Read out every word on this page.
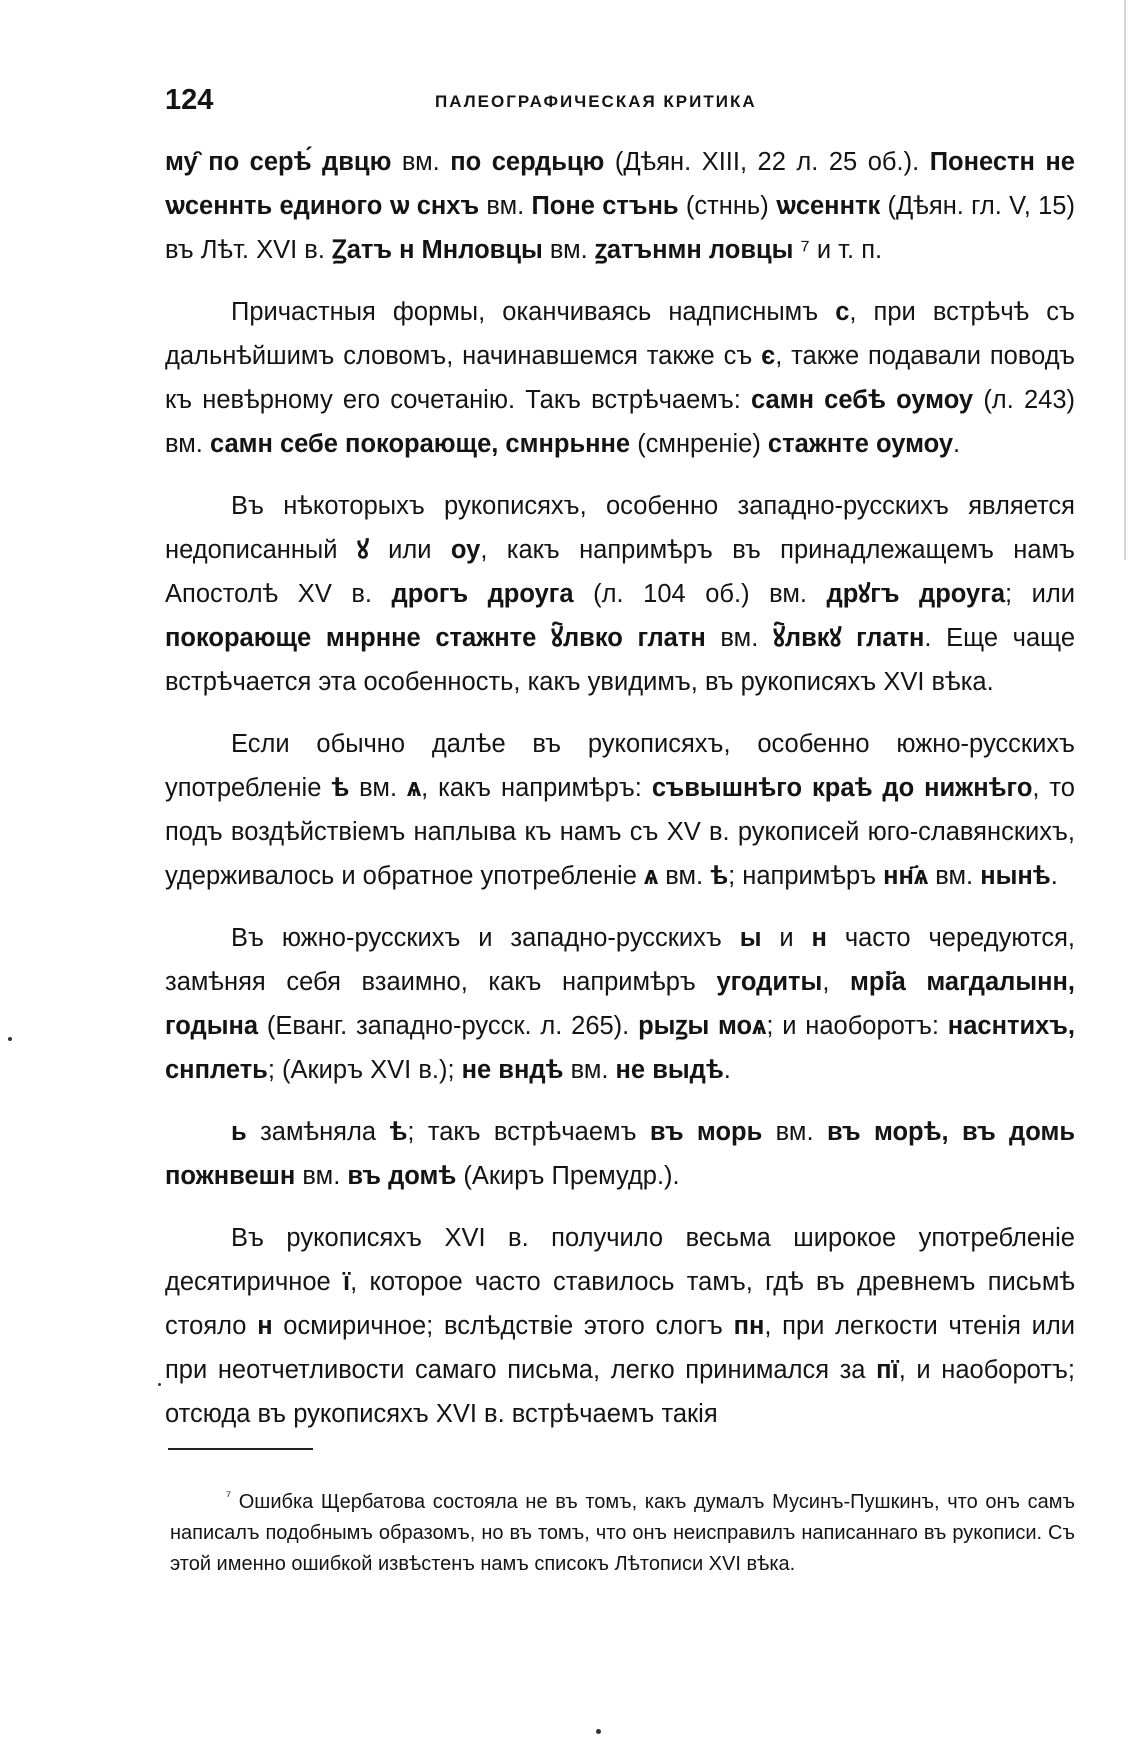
124	ПАЛЕОГРАФИЧЕСКАЯ КРИТИКА

му̑ по серѣ́ двцю вм. по сердьцю (Дѣян. XIII, 22 л. 25 об.). Понестн не ѡсеннть единого ѡ снхъ вм. Поне стънь (стннь) ѡсеннтк (Дѣян. гл. V, 15) въ Лѣт. XVI в. Ꙁатъ н Мнловцы вм. ꙁатънмн ловцы ⁷ и т. п.

Причастныя формы, оканчиваясь надписнымъ с, при встрѣчѣ съ дальнѣйшимъ словомъ, начинавшемся также съ є, также подавали поводъ къ невѣрному его сочетанію. Такъ встрѣчаемъ: самн себѣ оумоу (л. 243) вм. самн себе покорающе, смнрьнне (смнреніе) стажнте оумоу.

Въ нѣкоторыхъ рукописяхъ, особенно западно-русскихъ является недописанный ꙋ или оу, какъ напримѣръ въ принадлежащемъ намъ Апостолѣ XV в. дрогъ дроуга (л. 104 об.) вм. дрꙋгъ дроуга; или покорающе мнрнне стажнте ꙋ҇лвко глатн вм. ꙋ҇лвкꙋ глатн. Еще чаще встрѣчается эта особенность, какъ увидимъ, въ рукописяхъ XVI вѣка.

Если обычно далѣе въ рукописяхъ, особенно южно-русскихъ употребленіе ѣ вм. ѧ, какъ напримѣръ: съвышнѣго краѣ до нижнѣго, то подъ воздѣйствіемъ наплыва къ намъ съ XV в. рукописей юго-славянскихъ, удерживалось и обратное употребленіе ѧ вм. ѣ; напримѣръ нн҃ѧ вм. нынѣ.

Въ южно-русскихъ и западно-русскихъ ы и н часто чередуются, замѣняя себя взаимно, какъ напримѣръ угодиты, мрі҃а магдалынн, годына (Еванг. западно-русск. л. 265). рыꙁы моѧ; и наоборотъ: наснтихъ, снплеть; (Акиръ XVI в.); не вндѣ вм. не выдѣ.

ь замѣняла ѣ; такъ встрѣчаемъ въ морь вм. въ морѣ, въ домь пожнвешн вм. въ домѣ (Акиръ Премудр.).

Въ рукописяхъ XVI в. получило весьма широкое употребленіе десятиричное ї, которое часто ставилось тамъ, гдѣ въ древнемъ письмѣ стояло н осмиричное; вслѣдствіе этого слогъ пн, при легкости чтенія или при неотчетливости самаго письма, легко принимался за пї, и наоборотъ; отсюда въ рукописяхъ XVI в. встрѣчаемъ такія

$^{^7}$ Ошибка Щербатова состояла не въ томъ, какъ думалъ Мусинъ-Пушкинъ, что онъ самъ написалъ подобнымъ образомъ, но въ томъ, что онъ неисправилъ написаннаго въ рукописи. Съ этой именно ошибкой извѣстенъ намъ списокъ Лѣтописи XVI вѣка.
